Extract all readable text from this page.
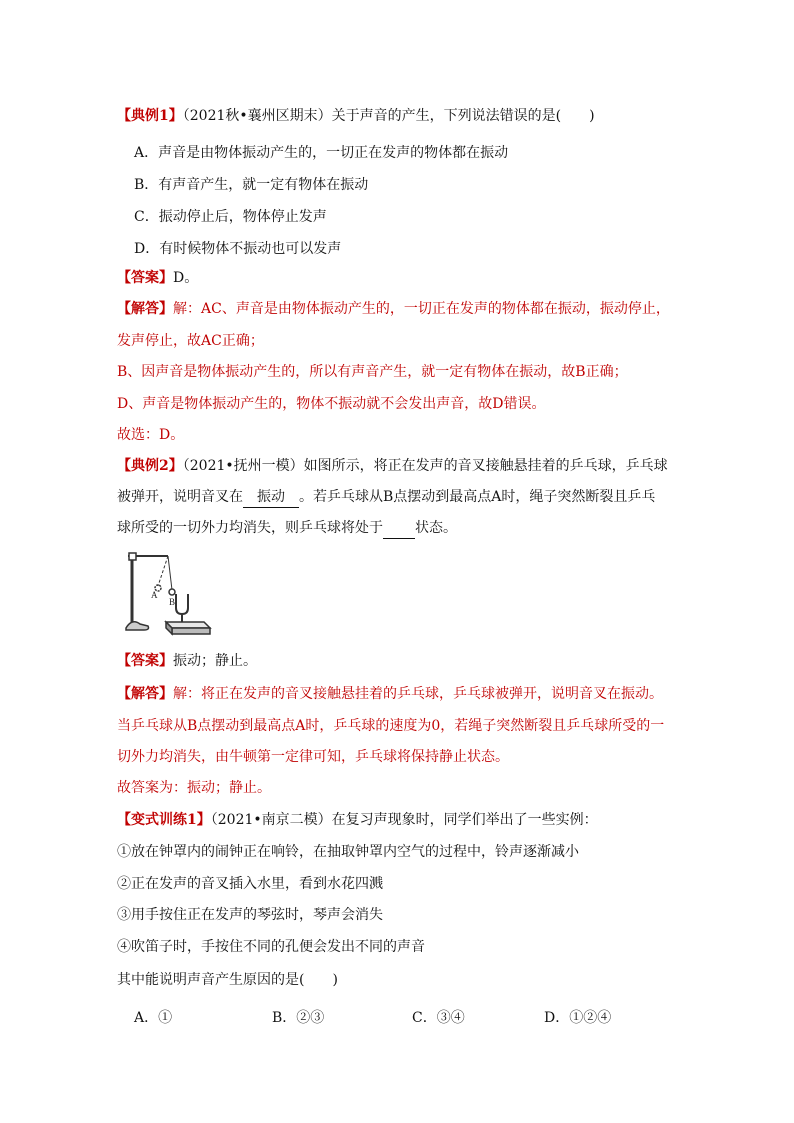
【典例1】（2021秋•襄州区期末）关于声音的产生，下列说法错误的是(　　)
A．声音是由物体振动产生的，一切正在发声的物体都在振动
B．有声音产生，就一定有物体在振动
C．振动停止后，物体停止发声
D．有时候物体不振动也可以发声
【答案】D。
【解答】解：AC、声音是由物体振动产生的，一切正在发声的物体都在振动，振动停止，
发声停止，故AC正确；
B、因声音是物体振动产生的，所以有声音产生，就一定有物体在振动，故B正确；
D、声音是物体振动产生的，物体不振动就不会发出声音，故D错误。
故选：D。
【典例2】（2021•抚州一模）如图所示，将正在发声的音叉接触悬挂着的乒乓球，乒乓球
被弹开，说明音叉在 振动 。若乒乓球从B点摆动到最高点A时，绳子突然断裂且乒乓
球所受的一切外力均消失，则乒乓球将处于 状态。
A
B
【答案】振动；静止。
【解答】解：将正在发声的音叉接触悬挂着的乒乓球，乒乓球被弹开，说明音叉在振动。
当乒乓球从B点摆动到最高点A时，乒乓球的速度为0，若绳子突然断裂且乒乓球所受的一
切外力均消失，由牛顿第一定律可知，乒乓球将保持静止状态。
故答案为：振动；静止。
【变式训练1】（2021•南京二模）在复习声现象时，同学们举出了一些实例：
①放在钟罩内的闹钟正在响铃，在抽取钟罩内空气的过程中，铃声逐渐减小
②正在发声的音叉插入水里，看到水花四溅
③用手按住正在发声的琴弦时，琴声会消失
④吹笛子时，手按住不同的孔便会发出不同的声音
其中能说明声音产生原因的是(　　)
A．①	B．②③	C．③④	D．①②④
